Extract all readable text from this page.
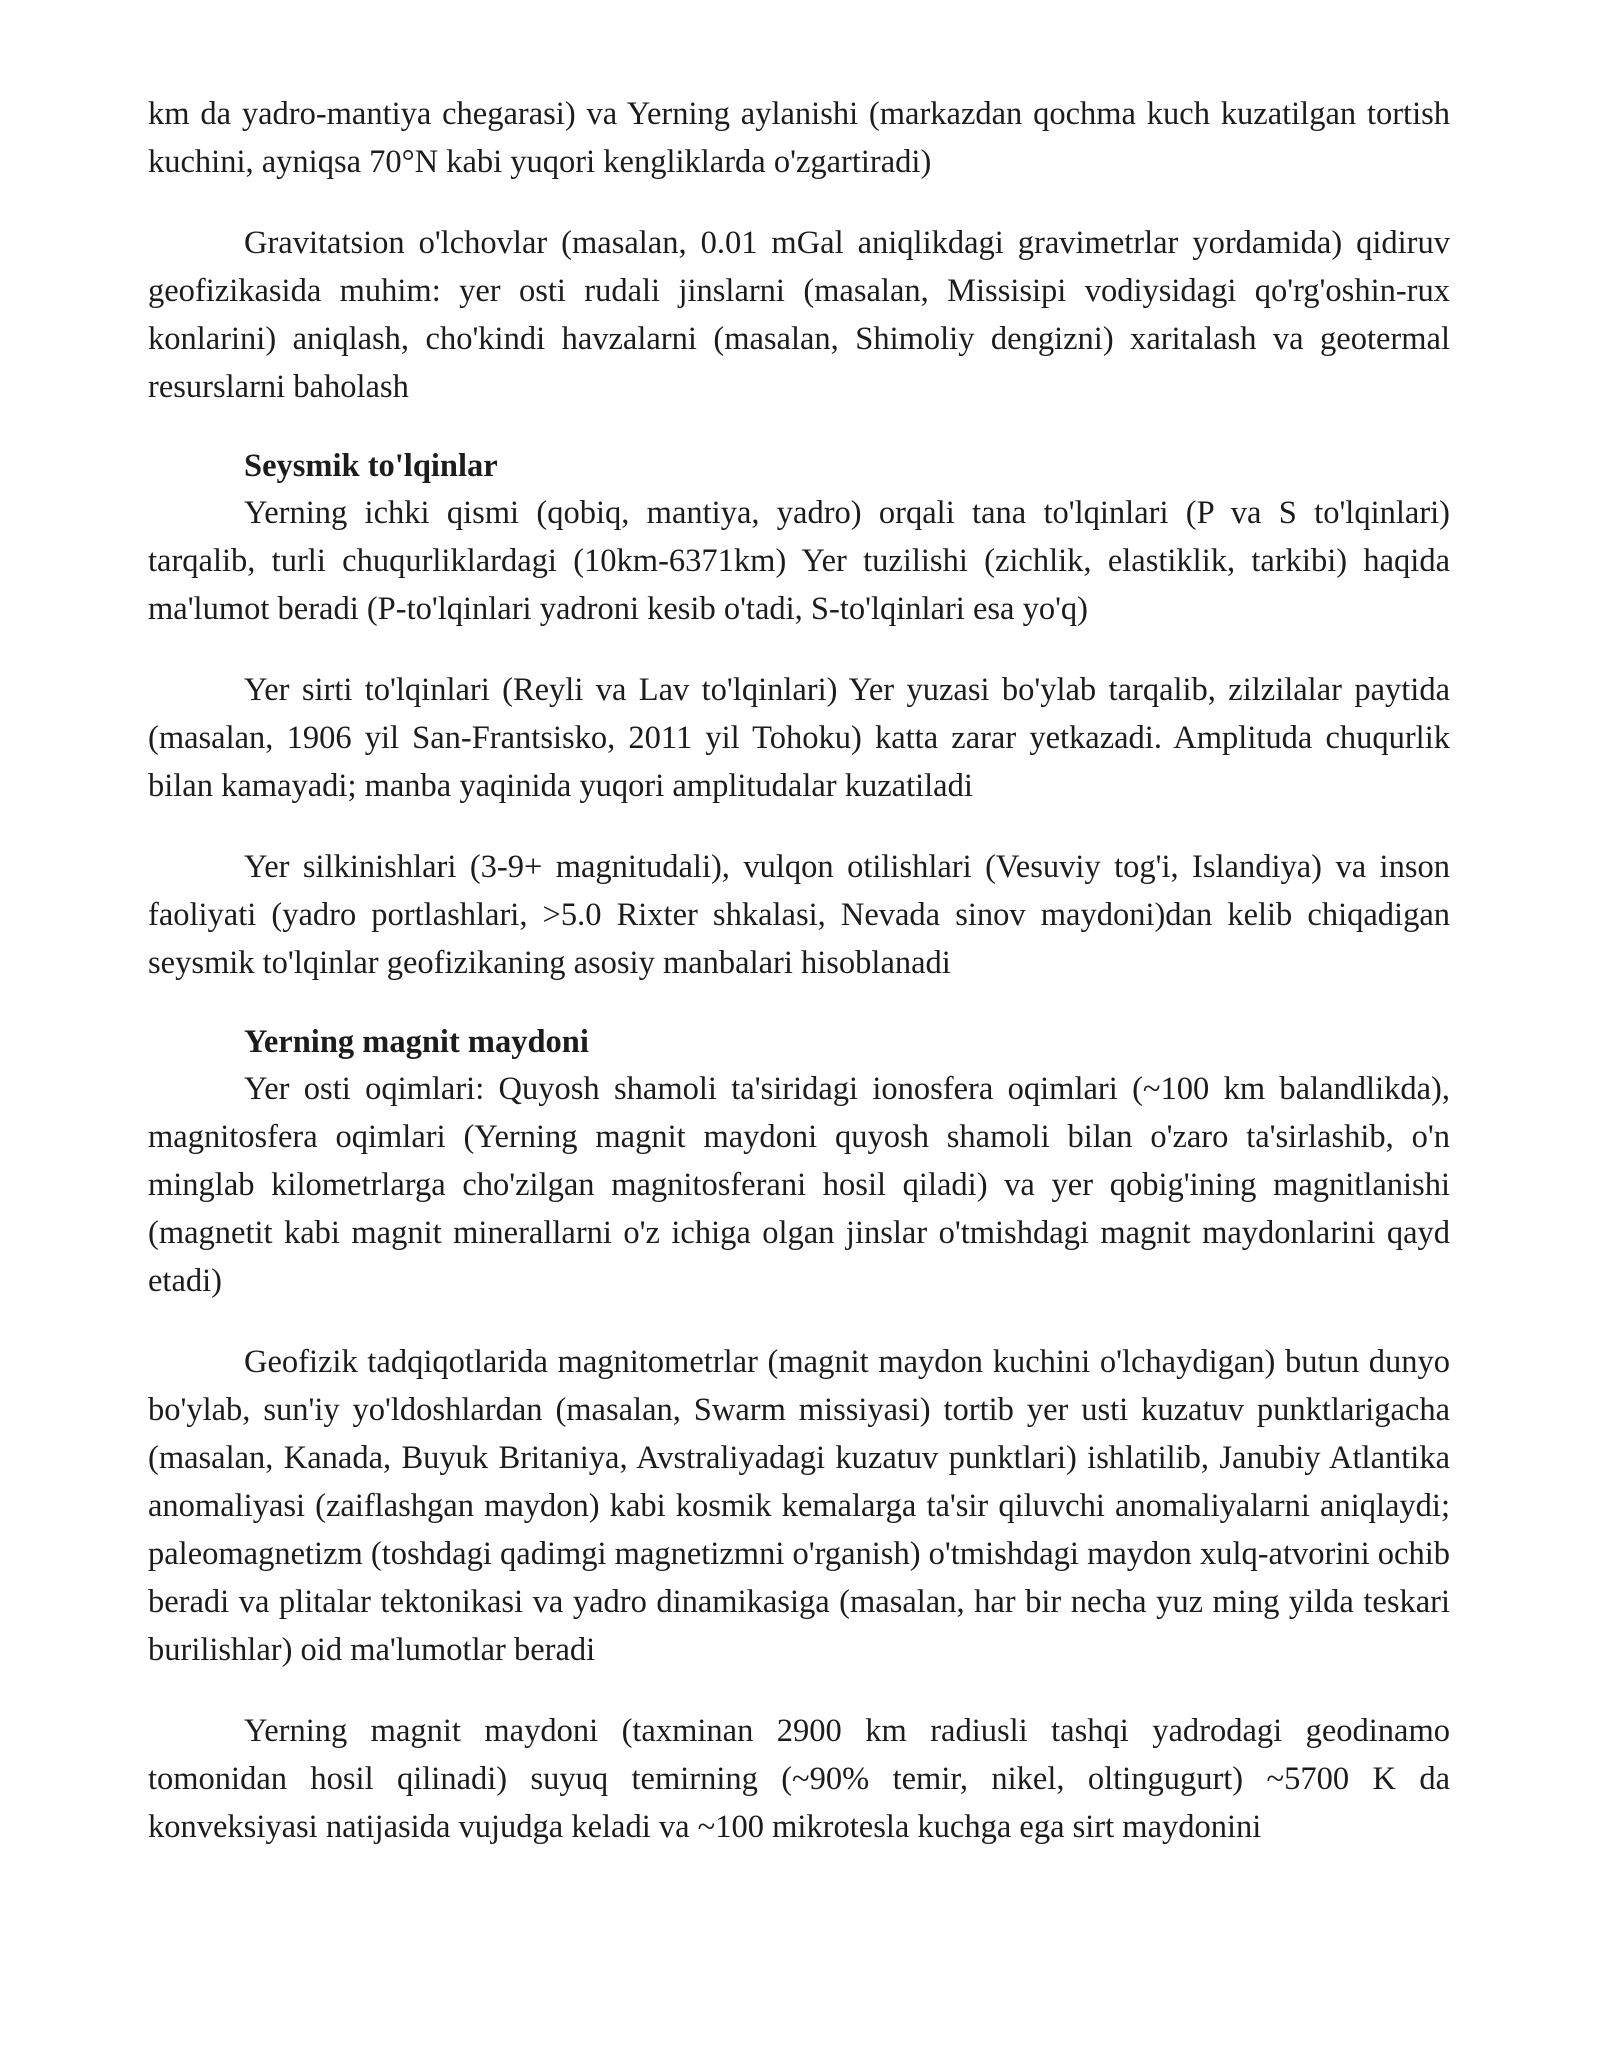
km da yadro-mantiya chegarasi) va Yerning aylanishi (markazdan qochma kuch kuzatilgan tortish kuchini, ayniqsa 70°N kabi yuqori kengliklarda o'zgartiradi)

Gravitatsion o'lchovlar (masalan, 0.01 mGal aniqlikdagi gravimetrlar yordamida) qidiruv geofizikasida muhim: yer osti rudali jinslarni (masalan, Missisipi vodiysidagi qo'rg'oshin-rux konlarini) aniqlash, cho'kindi havzalarni (masalan, Shimoliy dengizni) xaritalash va geotermal resurslarni baholash

Seysmik to'lqinlar

Yerning ichki qismi (qobiq, mantiya, yadro) orqali tana to'lqinlari (P va S to'lqinlari) tarqalib, turli chuqurliklardagi (10km-6371km) Yer tuzilishi (zichlik, elastiklik, tarkibi) haqida ma'lumot beradi (P-to'lqinlari yadroni kesib o'tadi, S-to'lqinlari esa yo'q)

Yer sirti to'lqinlari (Reyli va Lav to'lqinlari) Yer yuzasi bo'ylab tarqalib, zilzilalar paytida (masalan, 1906 yil San-Frantsisko, 2011 yil Tohoku) katta zarar yetkazadi. Amplituda chuqurlik bilan kamayadi; manba yaqinida yuqori amplitudalar kuzatiladi

Yer silkinishlari (3-9+ magnitudali), vulqon otilishlari (Vesuviy tog'i, Islandiya) va inson faoliyati (yadro portlashlari, >5.0 Rixter shkalasi, Nevada sinov maydoni)dan kelib chiqadigan seysmik to'lqinlar geofizikaning asosiy manbalari hisoblanadi

Yerning magnit maydoni

Yer osti oqimlari: Quyosh shamoli ta'siridagi ionosfera oqimlari (~100 km balandlikda), magnitosfera oqimlari (Yerning magnit maydoni quyosh shamoli bilan o'zaro ta'sirlashib, o'n minglab kilometrlarga cho'zilgan magnitosferani hosil qiladi) va yer qobig'ining magnitlanishi (magnetit kabi magnit minerallarni o'z ichiga olgan jinslar o'tmishdagi magnit maydonlarini qayd etadi)

Geofizik tadqiqotlarida magnitometrlar (magnit maydon kuchini o'lchaydigan) butun dunyo bo'ylab, sun'iy yo'ldoshlardan (masalan, Swarm missiyasi) tortib yer usti kuzatuv punktlarigacha (masalan, Kanada, Buyuk Britaniya, Avstraliyadagi kuzatuv punktlari) ishlatilib, Janubiy Atlantika anomaliyasi (zaiflashgan maydon) kabi kosmik kemalarga ta'sir qiluvchi anomaliyalarni aniqlaydi; paleomagnetizm (toshdagi qadimgi magnetizmni o'rganish) o'tmishdagi maydon xulq-atvorini ochib beradi va plitalar tektonikasi va yadro dinamikasiga (masalan, har bir necha yuz ming yilda teskari burilishlar) oid ma'lumotlar beradi

Yerning magnit maydoni (taxminan 2900 km radiusli tashqi yadrodagi geodinamo tomonidan hosil qilinadi) suyuq temirning (~90% temir, nikel, oltingugurt) ~5700 K da konveksiyasi natijasida vujudga keladi va ~100 mikrotesla kuchga ega sirt maydonini
